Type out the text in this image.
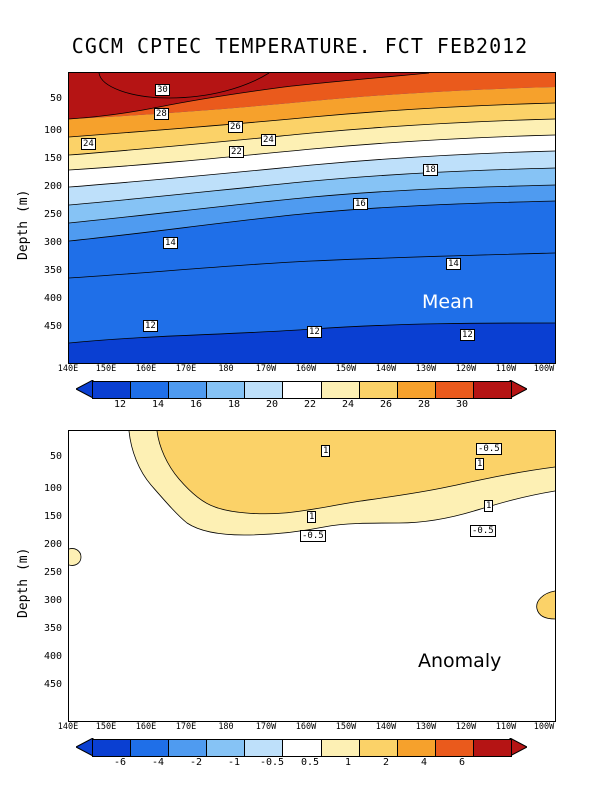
CGCM CPTEC TEMPERATURE. FCT FEB2012
Depth (m)
50
100
150
200
250
300
350
400
450
140E	150E	160E	170E	180	170W	160W	150W	140W	130W	120W	110W	100W
Mean
30
28
26
24
24
22
18
16
14
14
12
12	12
12	14	16	18	20	22	24	26	28	30
Depth (m)
50
100
150
200
250
300
350
400
450
140E	150E	160E	170E	180	170W	160W	150W	140W	130W	120W	110W	100W
Anomaly
1	-0.5
1
1
1
-0.5
-0.5
-6	-4	-2	-1	-0.5	0.5	1	2	4	6
